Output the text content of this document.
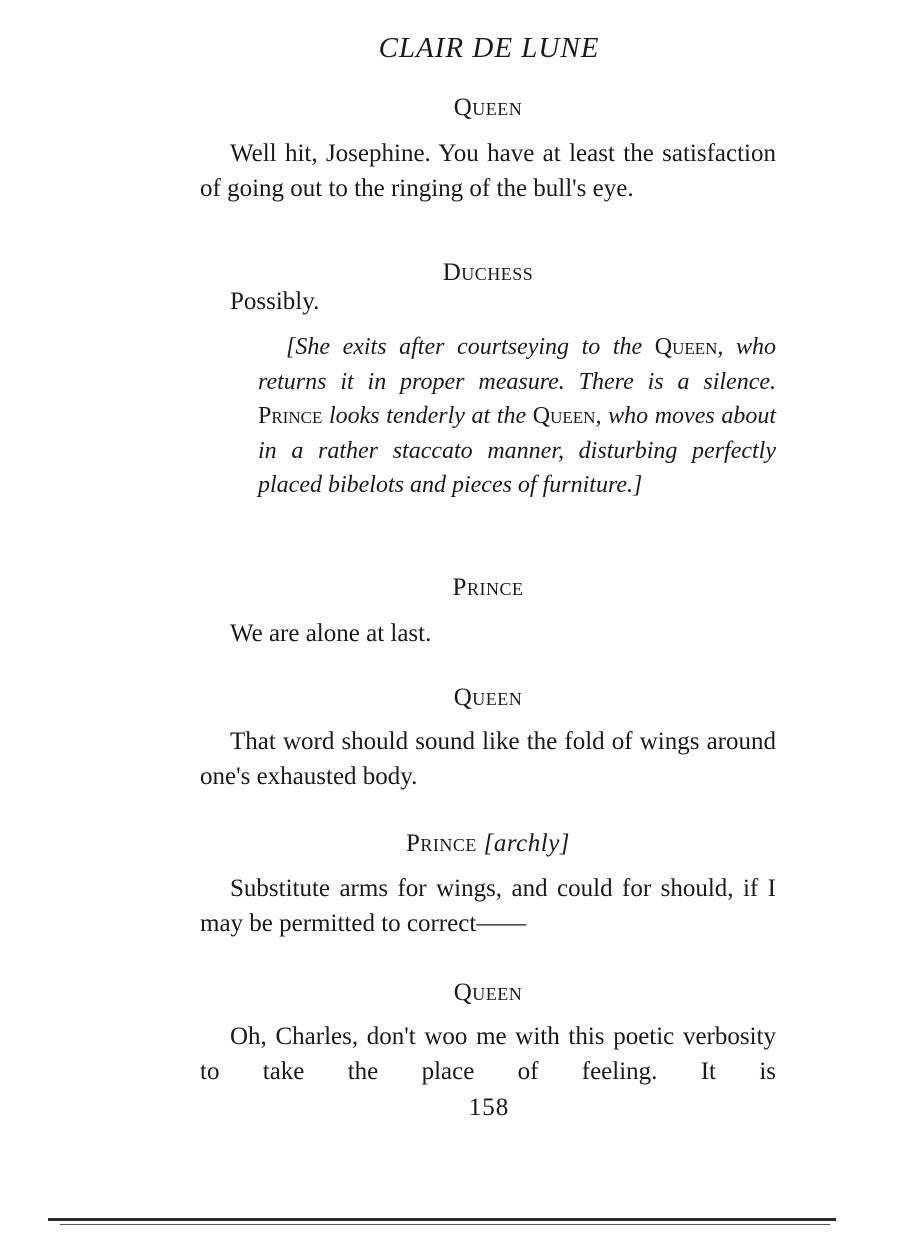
CLAIR DE LUNE

Queen

Well hit, Josephine. You have at least the satisfaction of going out to the ringing of the bull's eye.

Duchess

Possibly.

[She exits after courtseying to the Queen, who returns it in proper measure. There is a silence. Prince looks tenderly at the Queen, who moves about in a rather staccato manner, disturbing perfectly placed bibelots and pieces of furniture.]

Prince

We are alone at last.

Queen

That word should sound like the fold of wings around one's exhausted body.

Prince [archly]

Substitute arms for wings, and could for should, if I may be permitted to correct——

Queen

Oh, Charles, don't woo me with this poetic verbosity to take the place of feeling. It is

158
